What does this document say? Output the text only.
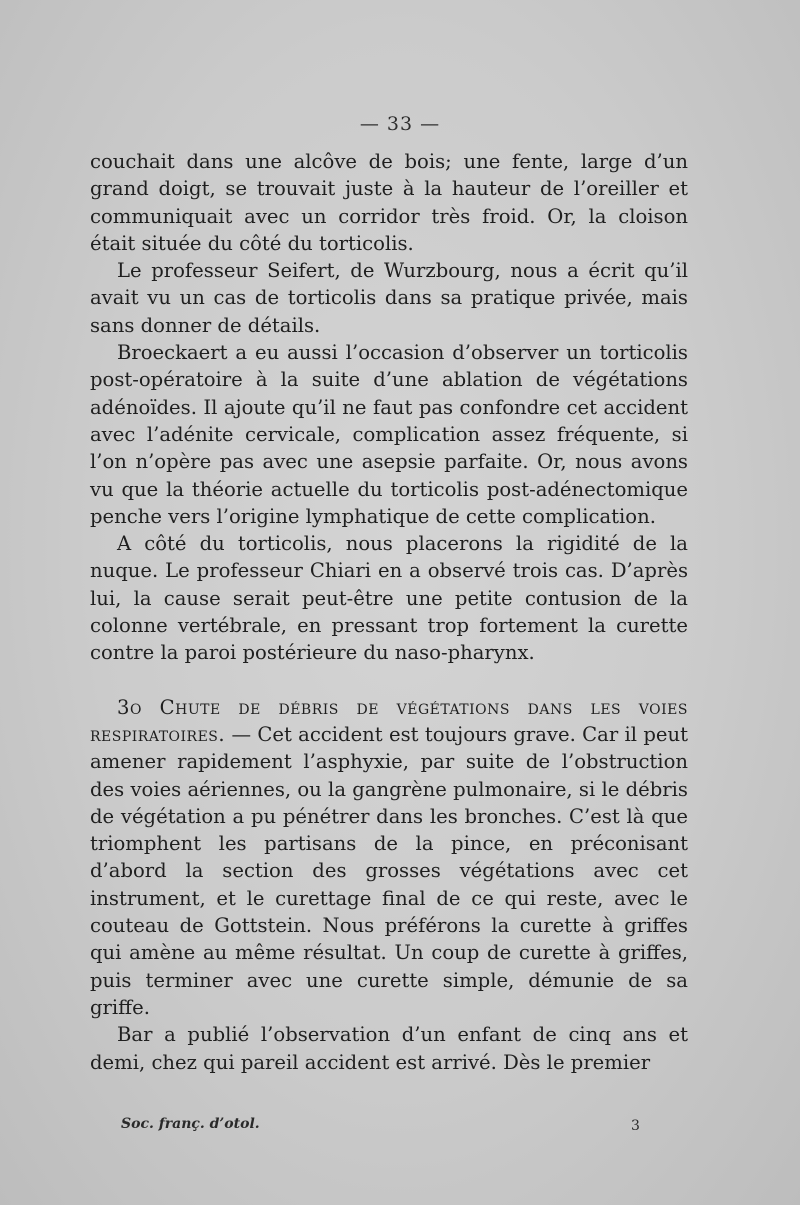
— 33 —

couchait dans une alcôve de bois; une fente, large d’un grand doigt, se trouvait juste à la hauteur de l’oreiller et communiquait avec un corridor très froid. Or, la cloison était située du côté du torticolis.

Le professeur Seifert, de Wurzbourg, nous a écrit qu’il avait vu un cas de torticolis dans sa pratique privée, mais sans donner de détails.

Broeckaert a eu aussi l’occasion d’observer un torticolis post-opératoire à la suite d’une ablation de végétations adénoïdes. Il ajoute qu’il ne faut pas confondre cet accident avec l’adénite cervicale, complication assez fréquente, si l’on n’opère pas avec une asepsie parfaite. Or, nous avons vu que la théorie actuelle du torticolis post-adénectomique penche vers l’origine lymphatique de cette complication.

A côté du torticolis, nous placerons la rigidité de la nuque. Le professeur Chiari en a observé trois cas. D’après lui, la cause serait peut-être une petite contusion de la colonne vertébrale, en pressant trop fortement la curette contre la paroi postérieure du naso-pharynx.

3o Chute de débris de végétations dans les voies respiratoires. — Cet accident est toujours grave. Car il peut amener rapidement l’asphyxie, par suite de l’obstruction des voies aériennes, ou la gangrène pulmonaire, si le débris de végétation a pu pénétrer dans les bronches. C’est là que triomphent les partisans de la pince, en préconisant d’abord la section des grosses végétations avec cet instrument, et le curettage final de ce qui reste, avec le couteau de Gottstein. Nous préférons la curette à griffes qui amène au même résultat. Un coup de curette à griffes, puis terminer avec une curette simple, démunie de sa griffe.

Bar a publié l’observation d’un enfant de cinq ans et demi, chez qui pareil accident est arrivé. Dès le premier

Soc. franç. d’otol.	3
